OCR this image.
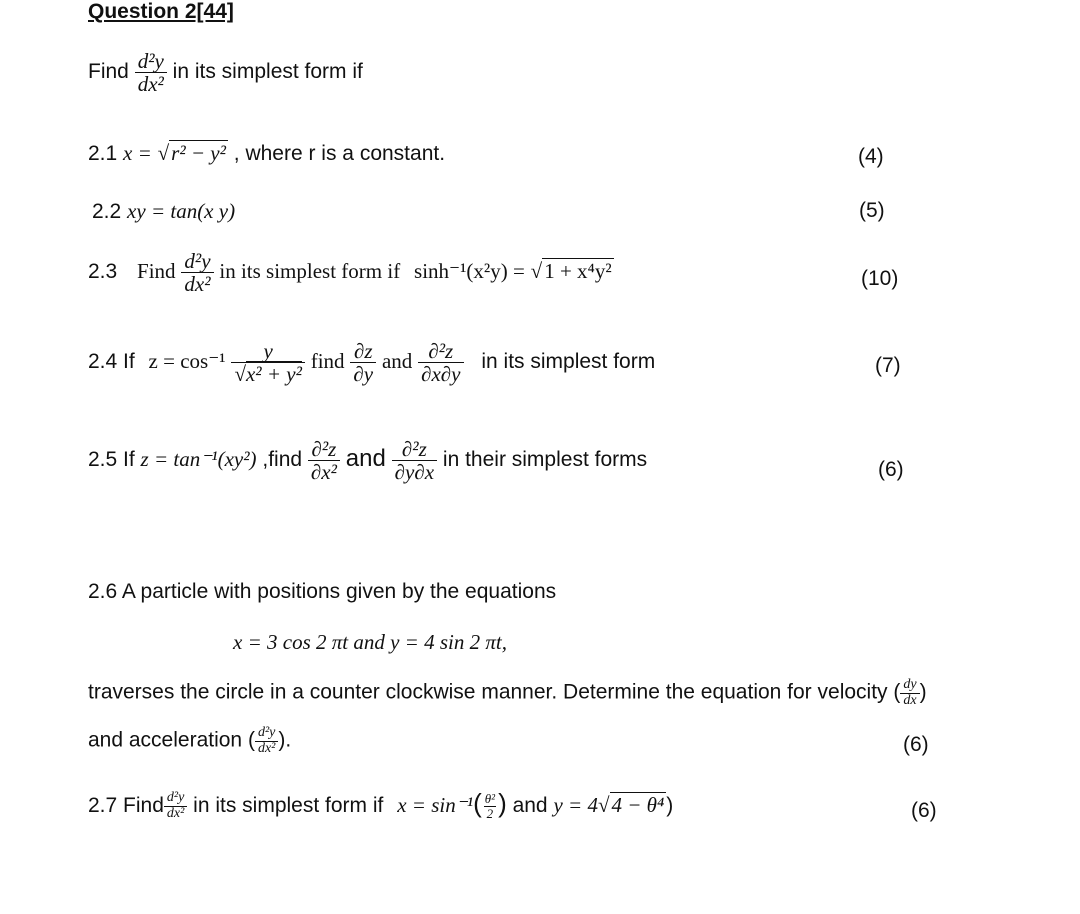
Question 2[44]
Find $\frac{\text{d²y}}{\text{dx²}}$ in its simplest form if
2.1 x = √ r² − y² , where r is a constant.	(4)
2.2 xy = tan(x y)	(5)
2.3 Find $\frac{\text{d²y}}{\text{dx²}}$ in its simplest form if sinh⁻¹(x²y) = √ 1 + x⁴y²	(10)
2.4 If $z = \cos^{-1} \frac{y}{\text{√x² + y²}}$ find $\frac{\partial z}{\partial y}$ and $\frac{\text{∂²z}}{\partial x\partial y}$ in its simplest form	(7)
2.5 If z = tan⁻¹(xy²) ,find $\frac{\text{∂²z}}{\text{∂x²}}$ and $\frac{\text{∂²z}}{\partial y\partial x}$ in their simplest forms	(6)
2.6 A particle with positions given by the equations
x = 3 cos 2 πt and y = 4 sin 2 πt,
traverses the circle in a counter clockwise manner. Determine the equation for velocity ( $\frac{dy}{dx}$ )
and acceleration ( $\frac{\text{d²y}}{\text{dx²}}$ ).	(6)
2.7 Find $\frac{\text{d²y}}{\text{dx²}}$ in its simplest form if $x = \sin^{-1}( \frac{\text{θ²}}{2}$ ) and y = 4 √ 4 − θ⁴ )	(6)
